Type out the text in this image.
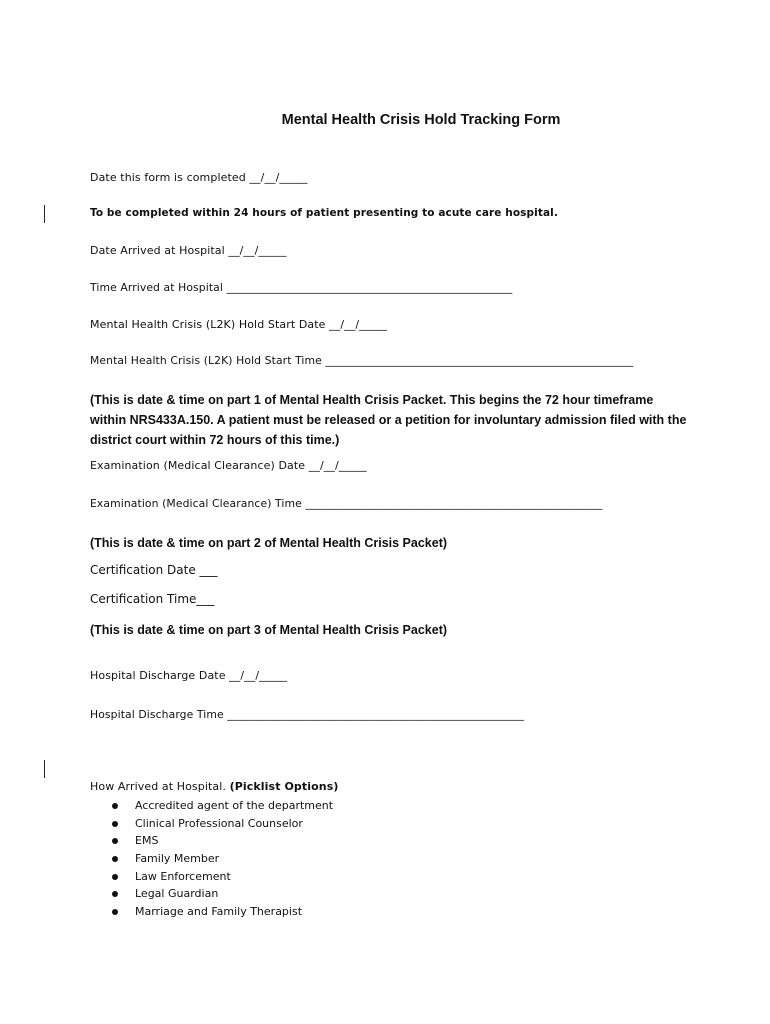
Mental Health Crisis Hold Tracking Form
Date this form is completed __/__/_____
To be completed within 24 hours of patient presenting to acute care hospital.
Date Arrived at Hospital __/__/_____
Time Arrived at Hospital ____________________________________________________
Mental Health Crisis (L2K) Hold Start Date __/__/_____
Mental Health Crisis (L2K) Hold Start Time ________________________________________________________
(This is date & time on part 1 of Mental Health Crisis Packet. This begins the 72 hour timeframe within NRS433A.150. A patient must be released or a petition for involuntary admission filed with the district court within 72 hours of this time.)
Examination (Medical Clearance) Date __/__/_____
Examination (Medical Clearance) Time ______________________________________________________
(This is date & time on part 2 of Mental Health Crisis Packet)
Certification Date ___
Certification Time___
(This is date & time on part 3 of Mental Health Crisis Packet)
Hospital Discharge Date __/__/_____
Hospital Discharge Time ______________________________________________________
How Arrived at Hospital. (Picklist Options)
Accredited agent of the department
Clinical Professional Counselor
EMS
Family Member
Law Enforcement
Legal Guardian
Marriage and Family Therapist
